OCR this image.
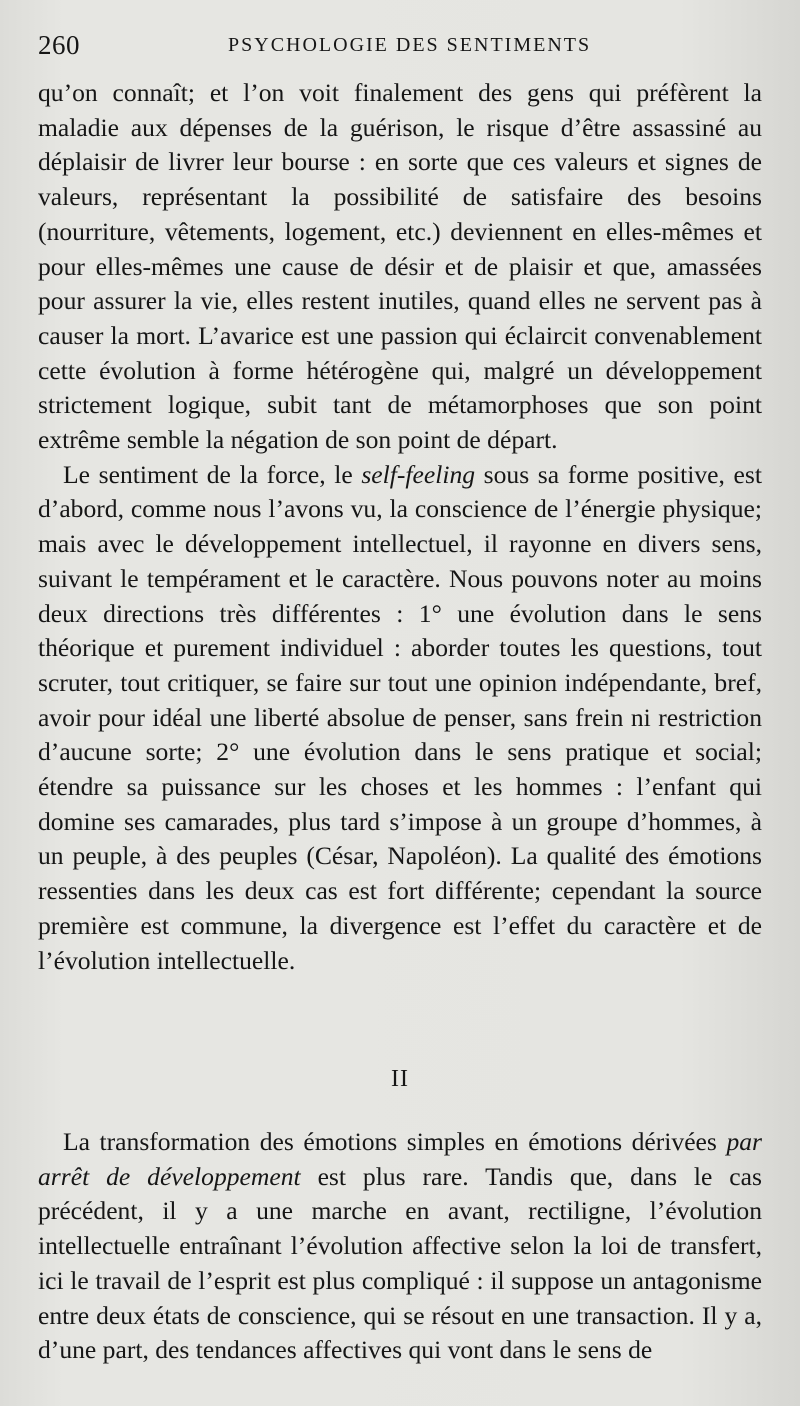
260	PSYCHOLOGIE DES SENTIMENTS

qu’on connaît; et l’on voit finalement des gens qui préfèrent la maladie aux dépenses de la guérison, le risque d’être assassiné au déplaisir de livrer leur bourse : en sorte que ces valeurs et signes de valeurs, représentant la possibilité de satisfaire des besoins (nourriture, vêtements, logement, etc.) deviennent en elles-mêmes et pour elles-mêmes une cause de désir et de plaisir et que, amassées pour assurer la vie, elles restent inutiles, quand elles ne servent pas à causer la mort. L’avarice est une passion qui éclaircit convenablement cette évolution à forme hétérogène qui, malgré un développement strictement logique, subit tant de métamorphoses que son point extrême semble la négation de son point de départ.

Le sentiment de la force, le self-feeling sous sa forme positive, est d’abord, comme nous l’avons vu, la conscience de l’énergie physique; mais avec le développement intellectuel, il rayonne en divers sens, suivant le tempérament et le caractère. Nous pouvons noter au moins deux directions très différentes : 1° une évolution dans le sens théorique et purement individuel : aborder toutes les questions, tout scruter, tout critiquer, se faire sur tout une opinion indépendante, bref, avoir pour idéal une liberté absolue de penser, sans frein ni restriction d’aucune sorte; 2° une évolution dans le sens pratique et social; étendre sa puissance sur les choses et les hommes : l’enfant qui domine ses camarades, plus tard s’impose à un groupe d’hommes, à un peuple, à des peuples (César, Napoléon). La qualité des émotions ressenties dans les deux cas est fort différente; cependant la source première est commune, la divergence est l’effet du caractère et de l’évolution intellectuelle.

II

La transformation des émotions simples en émotions dérivées par arrêt de développement est plus rare. Tandis que, dans le cas précédent, il y a une marche en avant, rectiligne, l’évolution intellectuelle entraînant l’évolution affective selon la loi de transfert, ici le travail de l’esprit est plus compliqué : il suppose un antagonisme entre deux états de conscience, qui se résout en une transaction. Il y a, d’une part, des tendances affectives qui vont dans le sens de
